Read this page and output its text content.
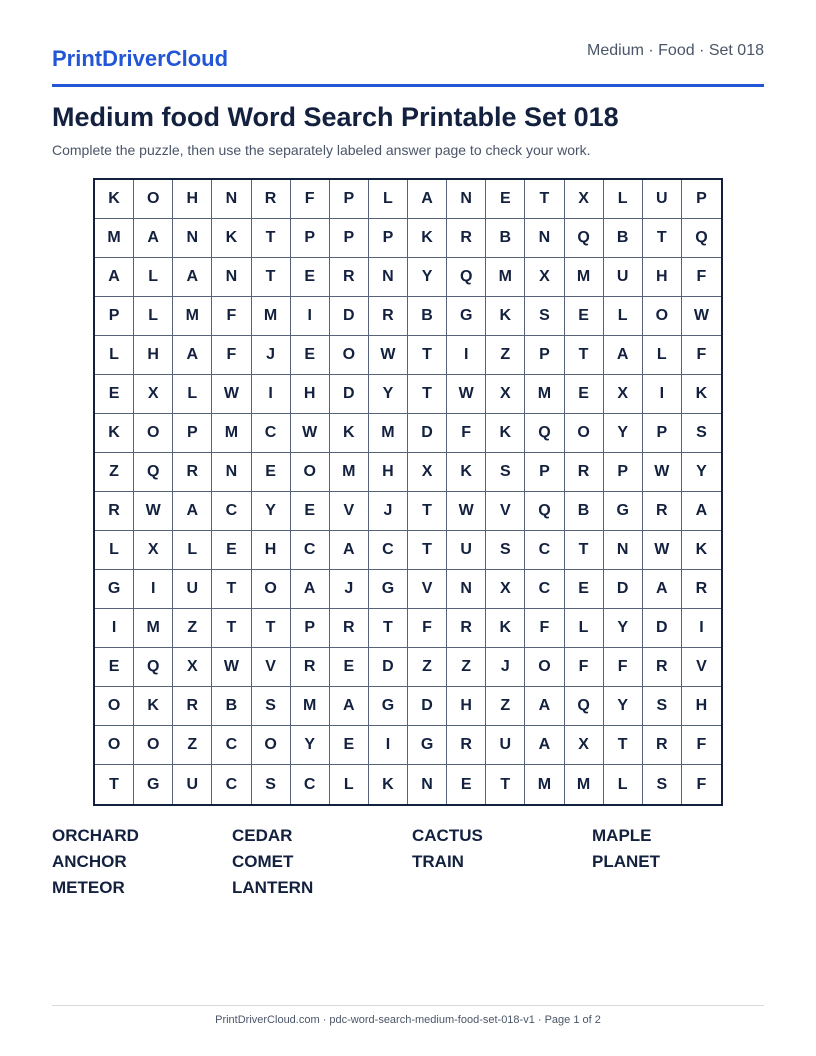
PrintDriverCloud	Medium · Food · Set 018
Medium food Word Search Printable Set 018
Complete the puzzle, then use the separately labeled answer page to check your work.
K	O	H	N	R	F	P	L	A	N	E	T	X	L	U	P
M	A	N	K	T	P	P	P	K	R	B	N	Q	B	T	Q
A	L	A	N	T	E	R	N	Y	Q	M	X	M	U	H	F
P	L	M	F	M	I	D	R	B	G	K	S	E	L	O	W
L	H	A	F	J	E	O	W	T	I	Z	P	T	A	L	F
E	X	L	W	I	H	D	Y	T	W	X	M	E	X	I	K
K	O	P	M	C	W	K	M	D	F	K	Q	O	Y	P	S
Z	Q	R	N	E	O	M	H	X	K	S	P	R	P	W	Y
R	W	A	C	Y	E	V	J	T	W	V	Q	B	G	R	A
L	X	L	E	H	C	A	C	T	U	S	C	T	N	W	K
G	I	U	T	O	A	J	G	V	N	X	C	E	D	A	R
I	M	Z	T	T	P	R	T	F	R	K	F	L	Y	D	I
E	Q	X	W	V	R	E	D	Z	Z	J	O	F	F	R	V
O	K	R	B	S	M	A	G	D	H	Z	A	Q	Y	S	H
O	O	Z	C	O	Y	E	I	G	R	U	A	X	T	R	F
T	G	U	C	S	C	L	K	N	E	T	M	M	L	S	F
ORCHARD	CEDAR	CACTUS	MAPLE
ANCHOR	COMET	TRAIN	PLANET
METEOR	LANTERN
PrintDriverCloud.com · pdc-word-search-medium-food-set-018-v1 · Page 1 of 2
